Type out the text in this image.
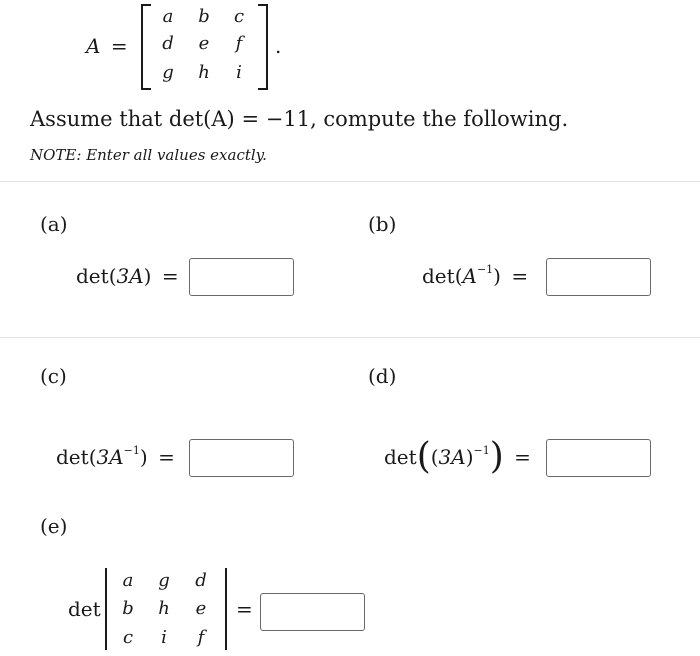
A =
a b c
d e	f
g h	i
.
Assume that det(A) = −11, compute the following.
NOTE: Enter all values exactly.
(a)
det(3A) =
(b)
$\det(A^{-1})$ =
(c)
$\det(3A^{-1})$ =
(d)
$\det((3A)^{-1})$ =
(e)
det
a g d
b h e
c	i	f
=
